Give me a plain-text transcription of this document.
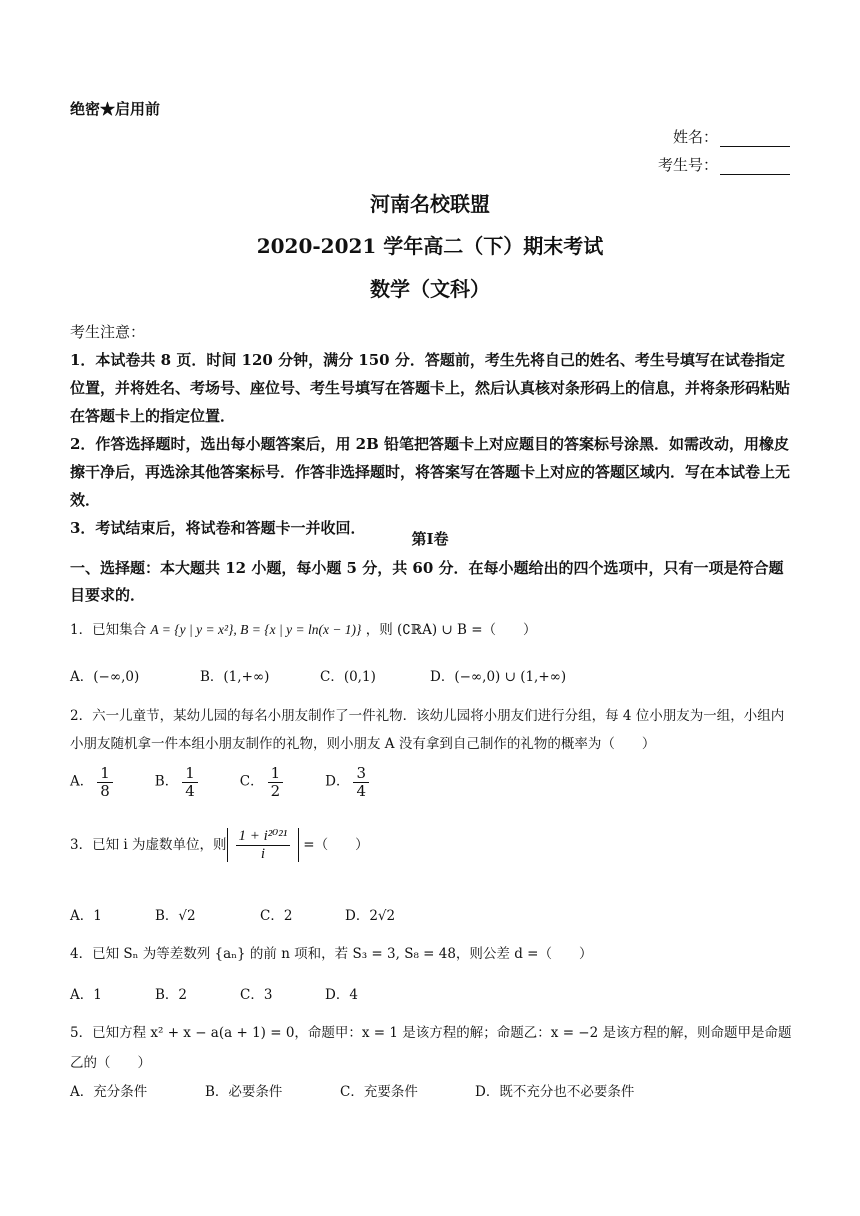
绝密★启用前
姓名：
考生号：
河南名校联盟
2020-2021 学年高二（下）期末考试
数学（文科）

考生注意：

1．本试卷共 8 页．时间 120 分钟，满分 150 分．答题前，考生先将自己的姓名、考生号填写在试卷指定位置，并将姓名、考场号、座位号、考生号填写在答题卡上，然后认真核对条形码上的信息，并将条形码粘贴在答题卡上的指定位置．

2．作答选择题时，选出每小题答案后，用 2B 铅笔把答题卡上对应题目的答案标号涂黑．如需改动，用橡皮擦干净后，再选涂其他答案标号．作答非选择题时，将答案写在答题卡上对应的答题区域内．写在本试卷上无效．

3．考试结束后，将试卷和答题卡一并收回．

第Ⅰ卷
一、选择题：本大题共 12 小题，每小题 5 分，共 60 分．在每小题给出的四个选项中，只有一项是符合题目要求的．
1．已知集合 A = {y | y = x²}, B = {x | y = ln(x − 1)} ，则 (∁ℝA) ∪ B =（　　）
A．(−∞,0)	B．(1,+∞)	C．(0,1)	D．(−∞,0) ∪ (1,+∞)
2．六一儿童节，某幼儿园的每名小朋友制作了一件礼物．该幼儿园将小朋友们进行分组，每 4 位小朋友为一组，小组内小朋友随机拿一件本组小朋友制作的礼物，则小朋友 A 没有拿到自己制作的礼物的概率为（　　）
A． $\frac{1}{8}$	B． $\frac{1}{4}$	C． $\frac{1}{2}$	D． $\frac{3}{4}$
3．已知 i 为虚数单位，则 $\frac{\text{1 + i²⁰²¹}}{i}$ =（　　）
A．1	B．√2	C．2	D．2√2
4．已知 Sₙ 为等差数列 {aₙ} 的前 n 项和，若 S₃ = 3, S₈ = 48，则公差 d =（　　）
A．1	B．2	C．3	D．4
5．已知方程 x² + x − a(a + 1) = 0，命题甲：x = 1 是该方程的解；命题乙：x = −2 是该方程的解，则命题甲是命题乙的（　　）
A．充分条件	B．必要条件	C．充要条件	D．既不充分也不必要条件
